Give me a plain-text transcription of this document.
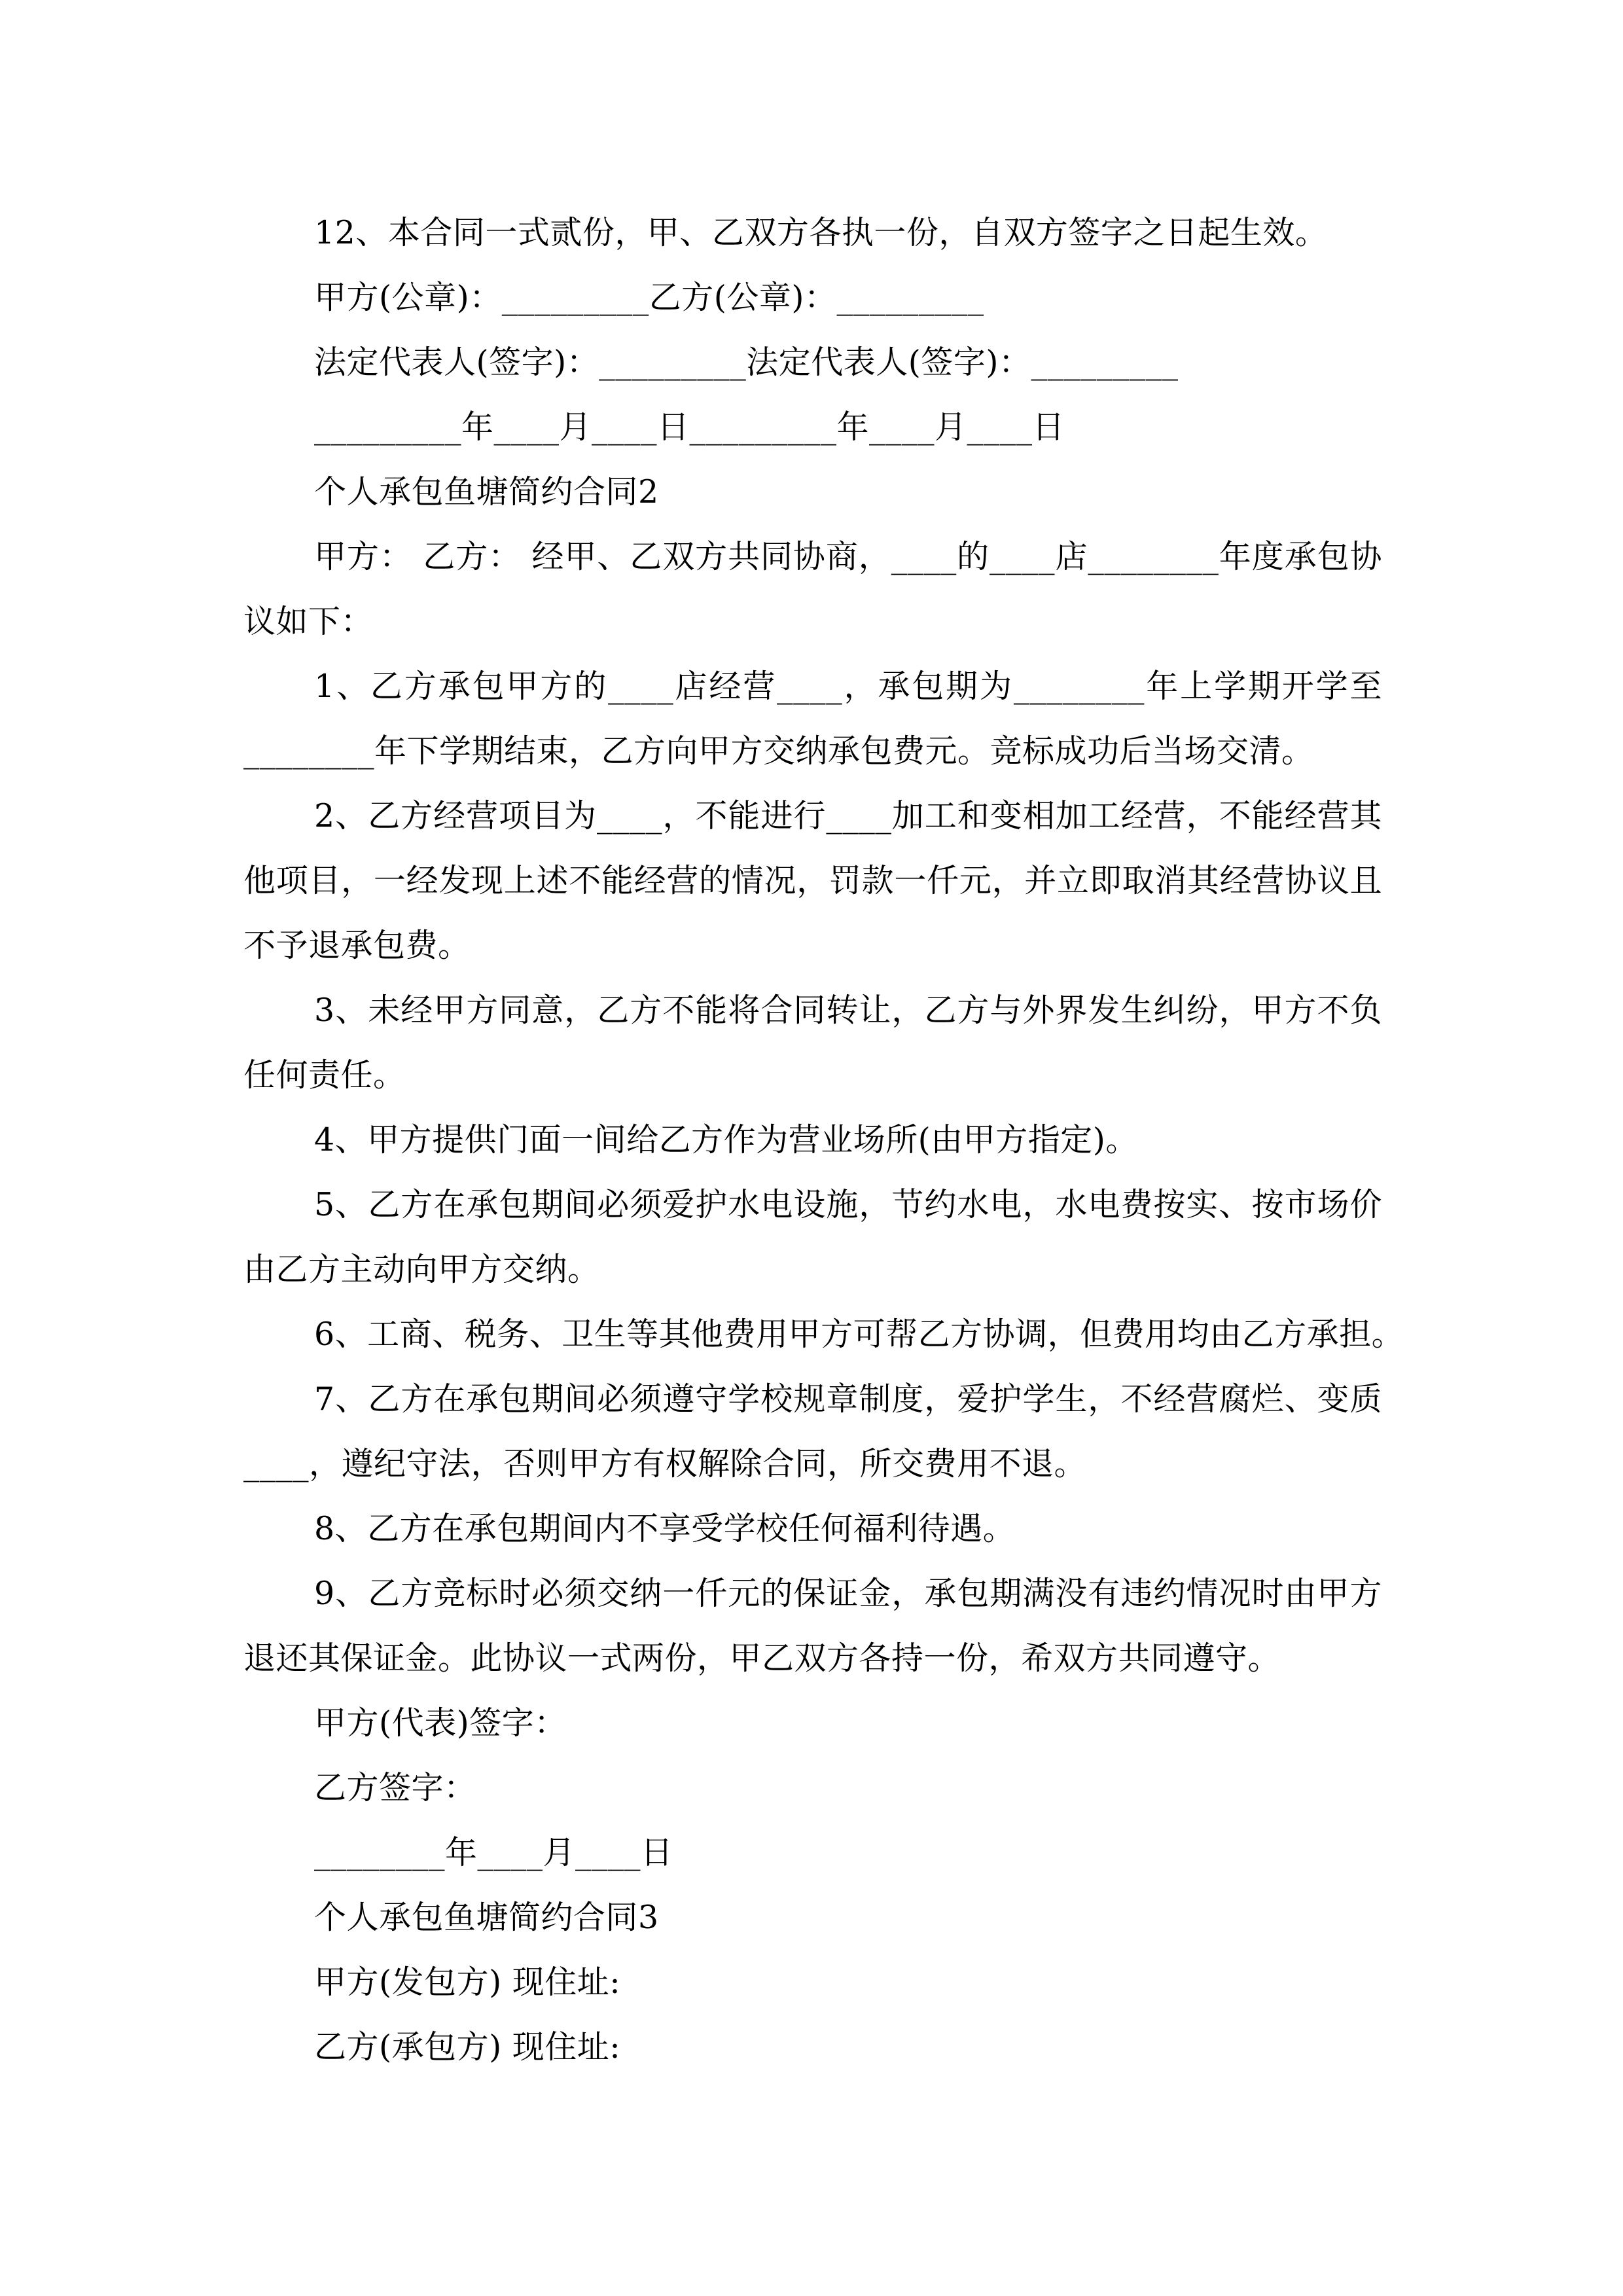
12、本合同一式贰份，甲、乙双方各执一份，自双方签字之日起生效。

甲方(公章)：_________乙方(公章)：_________

法定代表人(签字)：_________法定代表人(签字)：_________

_________年____月____日_________年____月____日

个人承包鱼塘简约合同2

甲方： 乙方： 经甲、乙双方共同协商，____的____店________年度承包协议如下：

1、乙方承包甲方的____店经营____，承包期为________年上学期开学至________年下学期结束，乙方向甲方交纳承包费元。竞标成功后当场交清。

2、乙方经营项目为____，不能进行____加工和变相加工经营，不能经营其他项目，一经发现上述不能经营的情况，罚款一仟元，并立即取消其经营协议且不予退承包费。

3、未经甲方同意，乙方不能将合同转让，乙方与外界发生纠纷，甲方不负任何责任。

4、甲方提供门面一间给乙方作为营业场所(由甲方指定)。

5、乙方在承包期间必须爱护水电设施，节约水电，水电费按实、按市场价由乙方主动向甲方交纳。

6、工商、税务、卫生等其他费用甲方可帮乙方协调，但费用均由乙方承担。

7、乙方在承包期间必须遵守学校规章制度，爱护学生，不经营腐烂、变质____，遵纪守法，否则甲方有权解除合同，所交费用不退。

8、乙方在承包期间内不享受学校任何福利待遇。

9、乙方竞标时必须交纳一仟元的保证金，承包期满没有违约情况时由甲方退还其保证金。此协议一式两份，甲乙双方各持一份，希双方共同遵守。

甲方(代表)签字：

乙方签字：

________年____月____日

个人承包鱼塘简约合同3

甲方(发包方) 现住址:

乙方(承包方) 现住址:
